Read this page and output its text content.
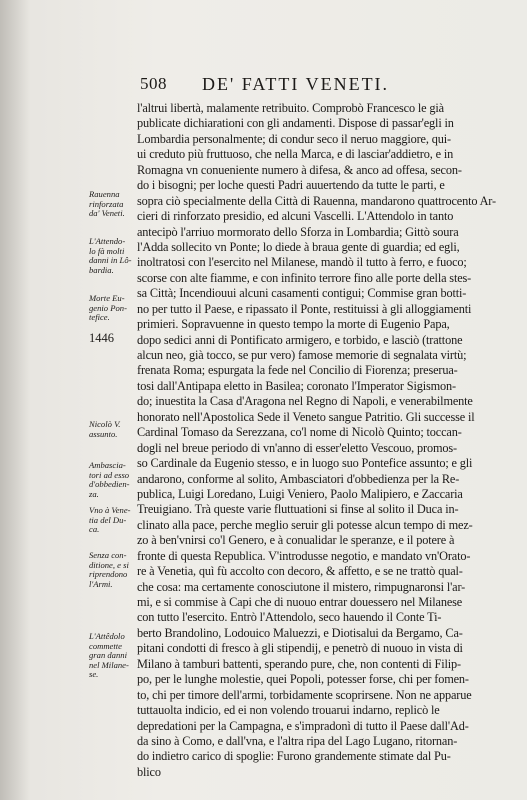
508 DE' FATTI VENETI.
Rauenna
rinforzata
da' Veneti.
L'Attendo-
lo fà molti
danni in Lô-
bardia.
Morte Eu-
genio Pon-
tefice.
1446
Nicolò V.
assunto.
Ambascia-
tori ad esso
d'obbedien-
za.
Vno à Vene-
tia del Du-
ca.
Senza con-
ditione, e si
riprendono
l'Armi.
L'Attêdolo
commette
gran danni
nel Milane-
se.
l'altrui libertà, malamente retribuito. Comprobò Francesco le già
publicate dichiarationi con gli andamenti. Dispose di passar'egli in
Lombardia personalmente; di condur seco il neruo maggiore, qui-
ui creduto più fruttuoso, che nella Marca, e di lasciar'addietro, e in
Romagna vn conueniente numero à difesa, & anco ad offesa, secon-
do i bisogni; per loche questi Padri auuertendo da tutte le parti, e
sopra ciò specialmente della Città di Rauenna, mandarono quattrocento Ar-
cieri di rinforzato presidio, ed alcuni Vascelli. L'Attendolo in tanto
antecipò l'arriuo mormorato dello Sforza in Lombardia; Gittò soura
l'Adda sollecito vn Ponte; lo diede à braua gente di guardia; ed egli,
inoltratosi con l'esercito nel Milanese, mandò il tutto à ferro, e fuoco;
scorse con alte fiamme, e con infinito terrore fino alle porte della stes-
sa Città; Incendiouui alcuni casamenti contigui; Commise gran botti-
no per tutto il Paese, e ripassato il Ponte, restituissi à gli alloggiamenti
primieri. Sopravuenne in questo tempo la morte di Eugenio Papa,
dopo sedici anni di Pontificato armigero, e torbido, e lasciò (trattone
alcun neo, già tocco, se pur vero) famose memorie di segnalata virtù;
frenata Roma; espurgata la fede nel Concilio di Fiorenza; preserua-
tosi dall'Antipapa eletto in Basilea; coronato l'Imperator Sigismon-
do; inuestita la Casa d'Aragona nel Regno di Napoli, e venerabilmente
honorato nell'Apostolica Sede il Veneto sangue Patritio. Gli successe il
Cardinal Tomaso da Serezzana, co'l nome di Nicolò Quinto; toccan-
dogli nel breue periodo di vn'anno di esser'eletto Vescouo, promos-
so Cardinale da Eugenio stesso, e in luogo suo Pontefice assunto; e gli
andarono, conforme al solito, Ambasciatori d'obbedienza per la Re-
publica, Luigi Loredano, Luigi Veniero, Paolo Malipiero, e Zaccaria
Treuigiano. Trà queste varie fluttuationi si finse al solito il Duca in-
clinato alla pace, perche meglio seruir gli potesse alcun tempo di mez-
zo à ben'vnirsi co'l Genero, e à conualidar le speranze, e il potere à
fronte di questa Republica. V'introdusse negotio, e mandato vn'Orato-
re à Venetia, quì fù accolto con decoro, & affetto, e se ne trattò qual-
che cosa: ma certamente conosciutone il mistero, rimpugnaronsi l'ar-
mi, e si commise à Capi che di nuouo entrar douessero nel Milanese
con tutto l'esercito. Entrò l'Attendolo, seco hauendo il Conte Ti-
berto Brandolino, Lodouico Maluezzi, e Diotisalui da Bergamo, Ca-
pitani condotti di fresco à gli stipendij, e penetrò di nuouo in vista di
Milano à tamburi battenti, sperando pure, che, non contenti di Filip-
po, per le lunghe molestie, quei Popoli, potesser forse, chi per fomen-
to, chi per timore dell'armi, torbidamente scoprirsene. Non ne apparue
tuttauolta indicio, ed ei non volendo trouarui indarno, replicò le
depredationi per la Campagna, e s'impradonì di tutto il Paese dall'Ad-
da sino à Como, e dall'vna, e l'altra ripa del Lago Lugano, ritornan-
do indietro carico di spoglie: Furono grandemente stimate dal Pu-
blico
